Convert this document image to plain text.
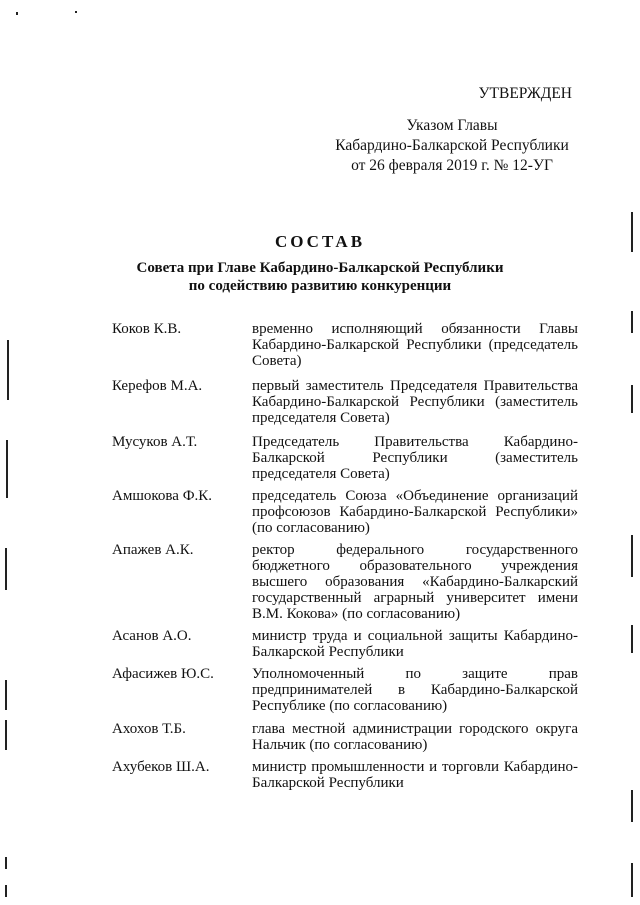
УТВЕРЖДЕН
Указом Главы
Кабардино-Балкарской Республики
от 26 февраля 2019 г. № 12-УГ
СОСТАВ
Совета при Главе Кабардино-Балкарской Республики
по содействию развитию конкуренции
Коков К.В.	временно исполняющий обязанности Главы Кабардино-Балкарской Республики (председатель Совета)
Керефов М.А.	первый заместитель Председателя Правительства Кабардино-Балкарской Республики (заместитель председателя Совета)
Мусуков А.Т.	Председатель Правительства Кабардино-Балкарской Республики (заместитель председателя Совета)
Амшокова Ф.К.	председатель Союза «Объединение организаций профсоюзов Кабардино-Балкарской Республики» (по согласованию)
Апажев А.К.	ректор федерального государственного бюджетного образовательного учреждения высшего образования «Кабардино-Балкарский государственный аграрный университет имени В.М. Кокова» (по согласованию)
Асанов А.О.	министр труда и социальной защиты Кабардино-Балкарской Республики
Афасижев Ю.С.	Уполномоченный по защите прав предпринимателей в Кабардино-Балкарской Республике (по согласованию)
Ахохов Т.Б.	глава местной администрации городского округа Нальчик (по согласованию)
Ахубеков Ш.А.	министр промышленности и торговли Кабардино-Балкарской Республики
